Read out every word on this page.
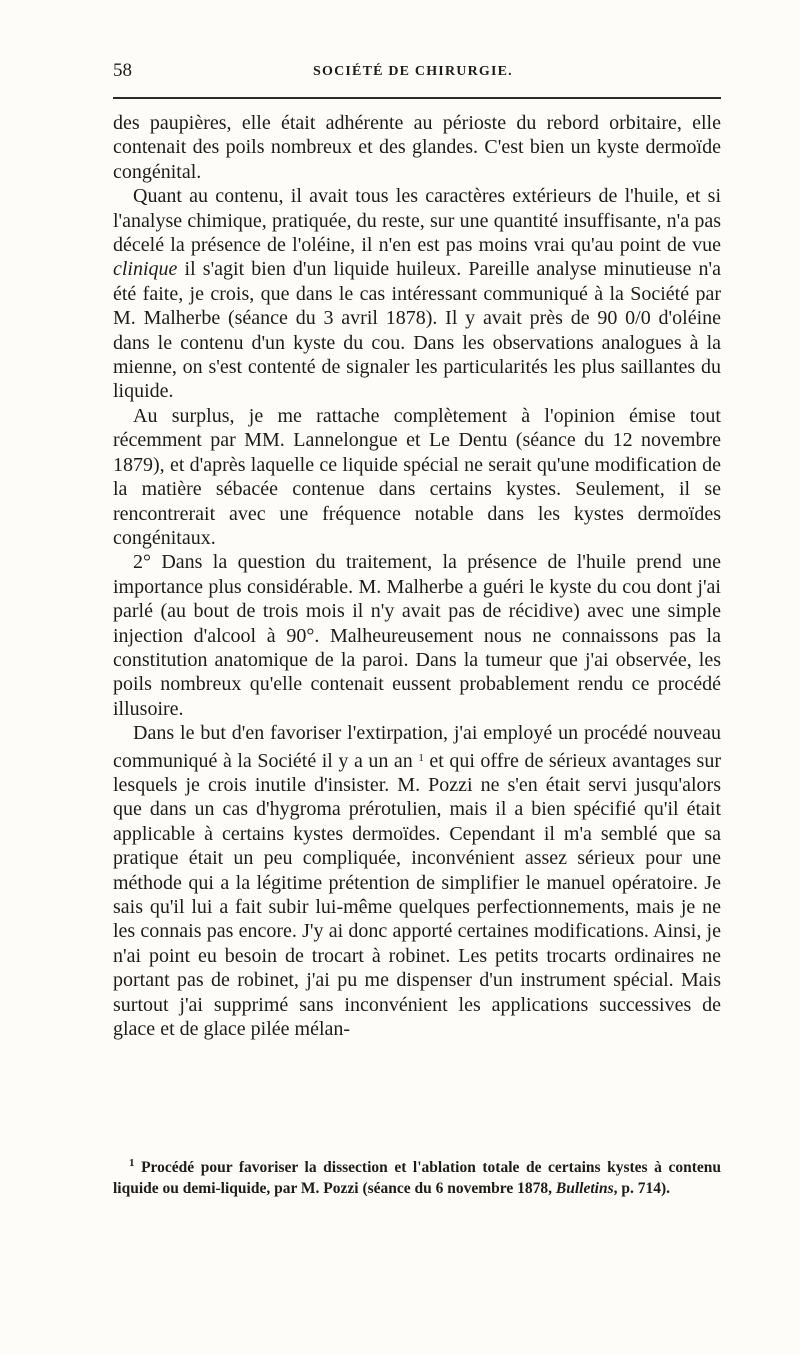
58	SOCIÉTÉ DE CHIRURGIE.

des paupières, elle était adhérente au périoste du rebord orbitaire, elle contenait des poils nombreux et des glandes. C'est bien un kyste dermoïde congénital.

Quant au contenu, il avait tous les caractères extérieurs de l'huile, et si l'analyse chimique, pratiquée, du reste, sur une quantité insuffisante, n'a pas décelé la présence de l'oléine, il n'en est pas moins vrai qu'au point de vue clinique il s'agit bien d'un liquide huileux. Pareille analyse minutieuse n'a été faite, je crois, que dans le cas intéressant communiqué à la Société par M. Malherbe (séance du 3 avril 1878). Il y avait près de 90 0/0 d'oléine dans le contenu d'un kyste du cou. Dans les observations analogues à la mienne, on s'est contenté de signaler les particularités les plus saillantes du liquide.

Au surplus, je me rattache complètement à l'opinion émise tout récemment par MM. Lannelongue et Le Dentu (séance du 12 novembre 1879), et d'après laquelle ce liquide spécial ne serait qu'une modification de la matière sébacée contenue dans certains kystes. Seulement, il se rencontrerait avec une fréquence notable dans les kystes dermoïdes congénitaux.

2° Dans la question du traitement, la présence de l'huile prend une importance plus considérable. M. Malherbe a guéri le kyste du cou dont j'ai parlé (au bout de trois mois il n'y avait pas de récidive) avec une simple injection d'alcool à 90°. Malheureusement nous ne connaissons pas la constitution anatomique de la paroi. Dans la tumeur que j'ai observée, les poils nombreux qu'elle contenait eussent probablement rendu ce procédé illusoire.

Dans le but d'en favoriser l'extirpation, j'ai employé un procédé nouveau communiqué à la Société il y a un an $^1$ et qui offre de sérieux avantages sur lesquels je crois inutile d'insister. M. Pozzi ne s'en était servi jusqu'alors que dans un cas d'hygroma prérotulien, mais il a bien spécifié qu'il était applicable à certains kystes dermoïdes. Cependant il m'a semblé que sa pratique était un peu compliquée, inconvénient assez sérieux pour une méthode qui a la légitime prétention de simplifier le manuel opératoire. Je sais qu'il lui a fait subir lui-même quelques perfectionnements, mais je ne les connais pas encore. J'y ai donc apporté certaines modifications. Ainsi, je n'ai point eu besoin de trocart à robinet. Les petits trocarts ordinaires ne portant pas de robinet, j'ai pu me dispenser d'un instrument spécial. Mais surtout j'ai supprimé sans inconvénient les applications successives de glace et de glace pilée mélan-

$^1$ Procédé pour favoriser la dissection et l'ablation totale de certains kystes à contenu liquide ou demi-liquide, par M. Pozzi (séance du 6 novembre 1878, Bulletins, p. 714).
